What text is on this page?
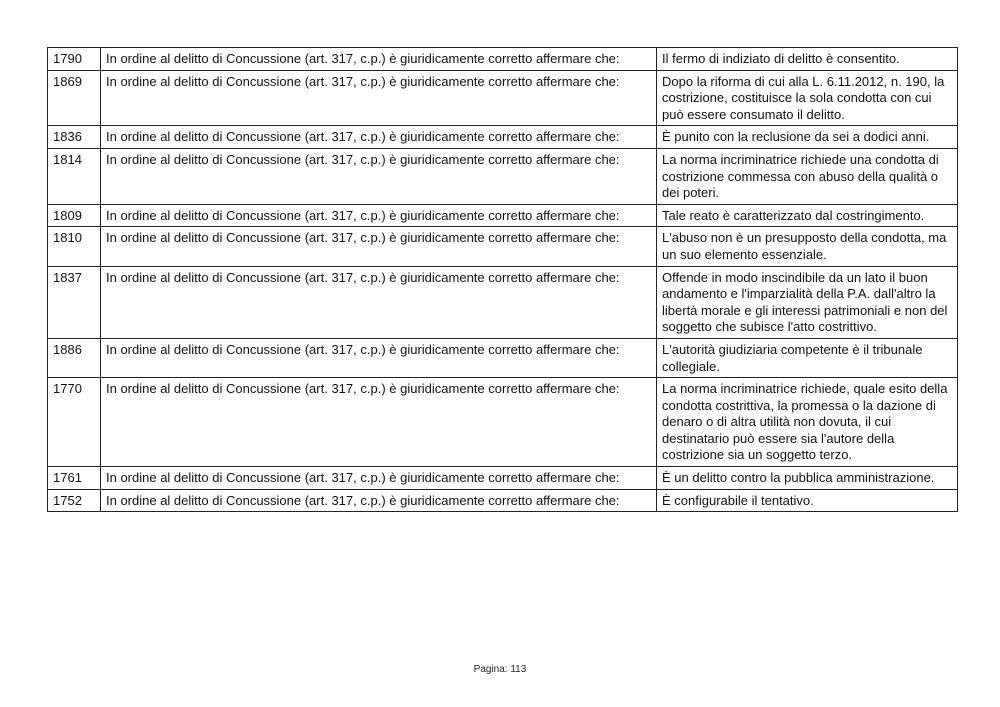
1790	In ordine al delitto di Concussione (art. 317, c.p.) è giuridicamente corretto affermare che:	Il fermo di indiziato di delitto è consentito.
1869	In ordine al delitto di Concussione (art. 317, c.p.) è giuridicamente corretto affermare che:	Dopo la riforma di cui alla L. 6.11.2012, n. 190, la costrizione, costituisce la sola condotta con cui può essere consumato il delitto.
1836	In ordine al delitto di Concussione (art. 317, c.p.) è giuridicamente corretto affermare che:	È punito con la reclusione da sei a dodici anni.
1814	In ordine al delitto di Concussione (art. 317, c.p.) è giuridicamente corretto affermare che:	La norma incriminatrice richiede una condotta di costrizione commessa con abuso della qualità o dei poteri.
1809	In ordine al delitto di Concussione (art. 317, c.p.) è giuridicamente corretto affermare che:	Tale reato è caratterizzato dal costringimento.
1810	In ordine al delitto di Concussione (art. 317, c.p.) è giuridicamente corretto affermare che:	L'abuso non è un presupposto della condotta, ma un suo elemento essenziale.
1837	In ordine al delitto di Concussione (art. 317, c.p.) è giuridicamente corretto affermare che:	Offende in modo inscindibile da un lato il buon andamento e l'imparzialità della P.A. dall'altro la libertà morale e gli interessi patrimoniali e non del soggetto che subisce l'atto costrittivo.
1886	In ordine al delitto di Concussione (art. 317, c.p.) è giuridicamente corretto affermare che:	L'autorità giudiziaria competente è il tribunale collegiale.
1770	In ordine al delitto di Concussione (art. 317, c.p.) è giuridicamente corretto affermare che:	La norma incriminatrice richiede, quale esito della condotta costrittiva, la promessa o la dazione di denaro o di altra utilità non dovuta, il cui destinatario può essere sia l'autore della costrizione sia un soggetto terzo.
1761	In ordine al delitto di Concussione (art. 317, c.p.) è giuridicamente corretto affermare che:	È un delitto contro la pubblica amministrazione.
1752	In ordine al delitto di Concussione (art. 317, c.p.) è giuridicamente corretto affermare che:	È configurabile il tentativo.
Pagina: 113
